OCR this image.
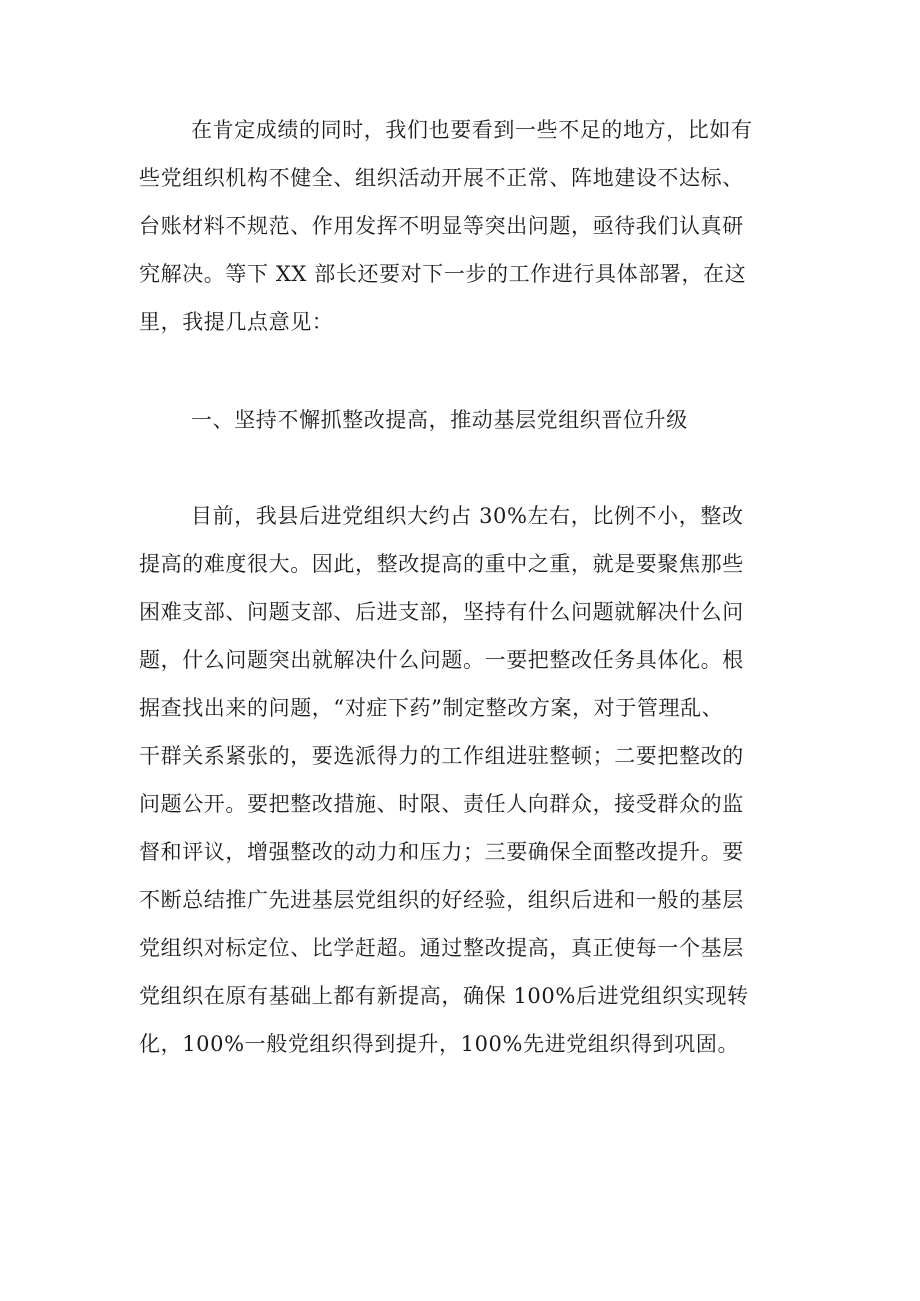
在肯定成绩的同时，我们也要看到一些不足的地方，比如有
些党组织机构不健全、组织活动开展不正常、阵地建设不达标、
台账材料不规范、作用发挥不明显等突出问题，亟待我们认真研
究解决。等下 XX 部长还要对下一步的工作进行具体部署，在这
里，我提几点意见：
一、坚持不懈抓整改提高，推动基层党组织晋位升级
目前，我县后进党组织大约占 30%左右，比例不小，整改
提高的难度很大。因此，整改提高的重中之重，就是要聚焦那些
困难支部、问题支部、后进支部，坚持有什么问题就解决什么问
题，什么问题突出就解决什么问题。一要把整改任务具体化。根
据查找出来的问题，“对症下药”制定整改方案，对于管理乱、
干群关系紧张的，要选派得力的工作组进驻整顿；二要把整改的
问题公开。要把整改措施、时限、责任人向群众，接受群众的监
督和评议，增强整改的动力和压力；三要确保全面整改提升。要
不断总结推广先进基层党组织的好经验，组织后进和一般的基层
党组织对标定位、比学赶超。通过整改提高，真正使每一个基层
党组织在原有基础上都有新提高，确保 100%后进党组织实现转
化，100%一般党组织得到提升，100%先进党组织得到巩固。
